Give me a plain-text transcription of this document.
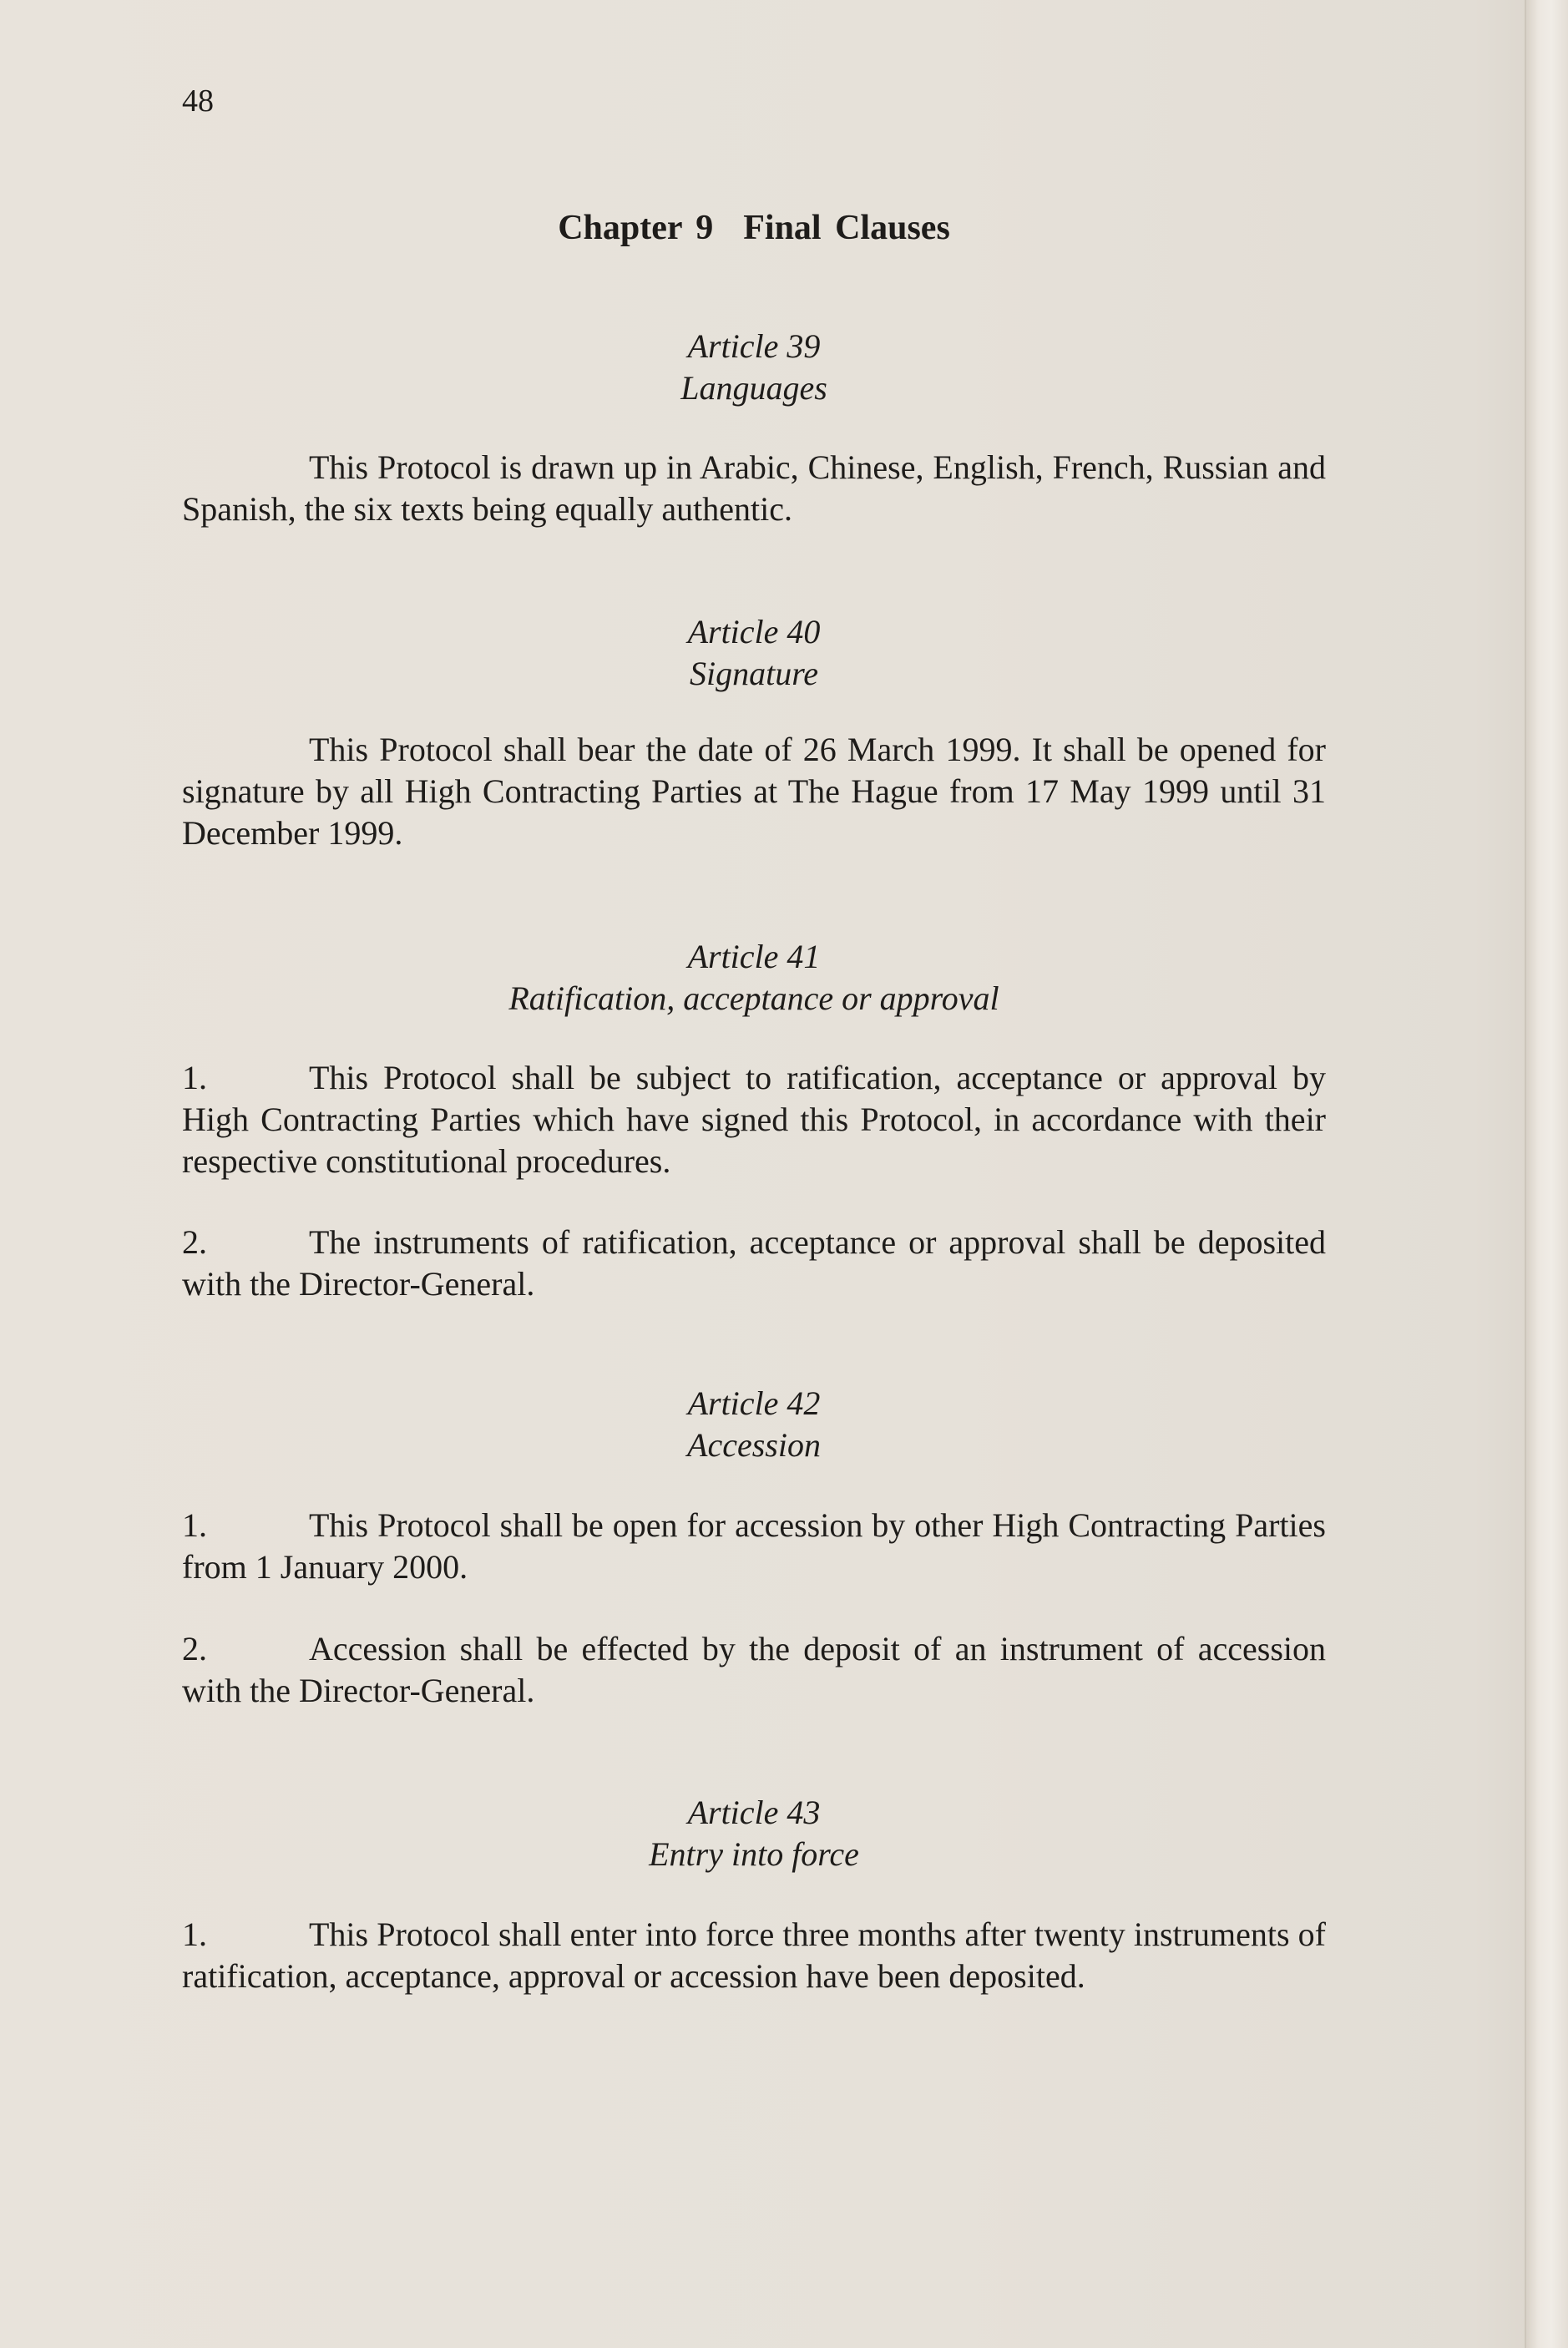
48
Chapter 9 Final Clauses
Article 39
Languages
This Protocol is drawn up in Arabic, Chinese, English, French, Russian and Spanish, the six texts being equally authentic.
Article 40
Signature
This Protocol shall bear the date of 26 March 1999. It shall be opened for signature by all High Contracting Parties at The Hague from 17 May 1999 until 31 December 1999.
Article 41
Ratification, acceptance or approval
1.	This Protocol shall be subject to ratification, acceptance or approval by High Contracting Parties which have signed this Protocol, in accordance with their respective constitutional procedures.
2.	The instruments of ratification, acceptance or approval shall be deposited with the Director-General.
Article 42
Accession
1.	This Protocol shall be open for accession by other High Contracting Parties from 1 January 2000.
2.	Accession shall be effected by the deposit of an instrument of accession with the Director-General.
Article 43
Entry into force
1.	This Protocol shall enter into force three months after twenty instruments of ratification, acceptance, approval or accession have been deposited.
